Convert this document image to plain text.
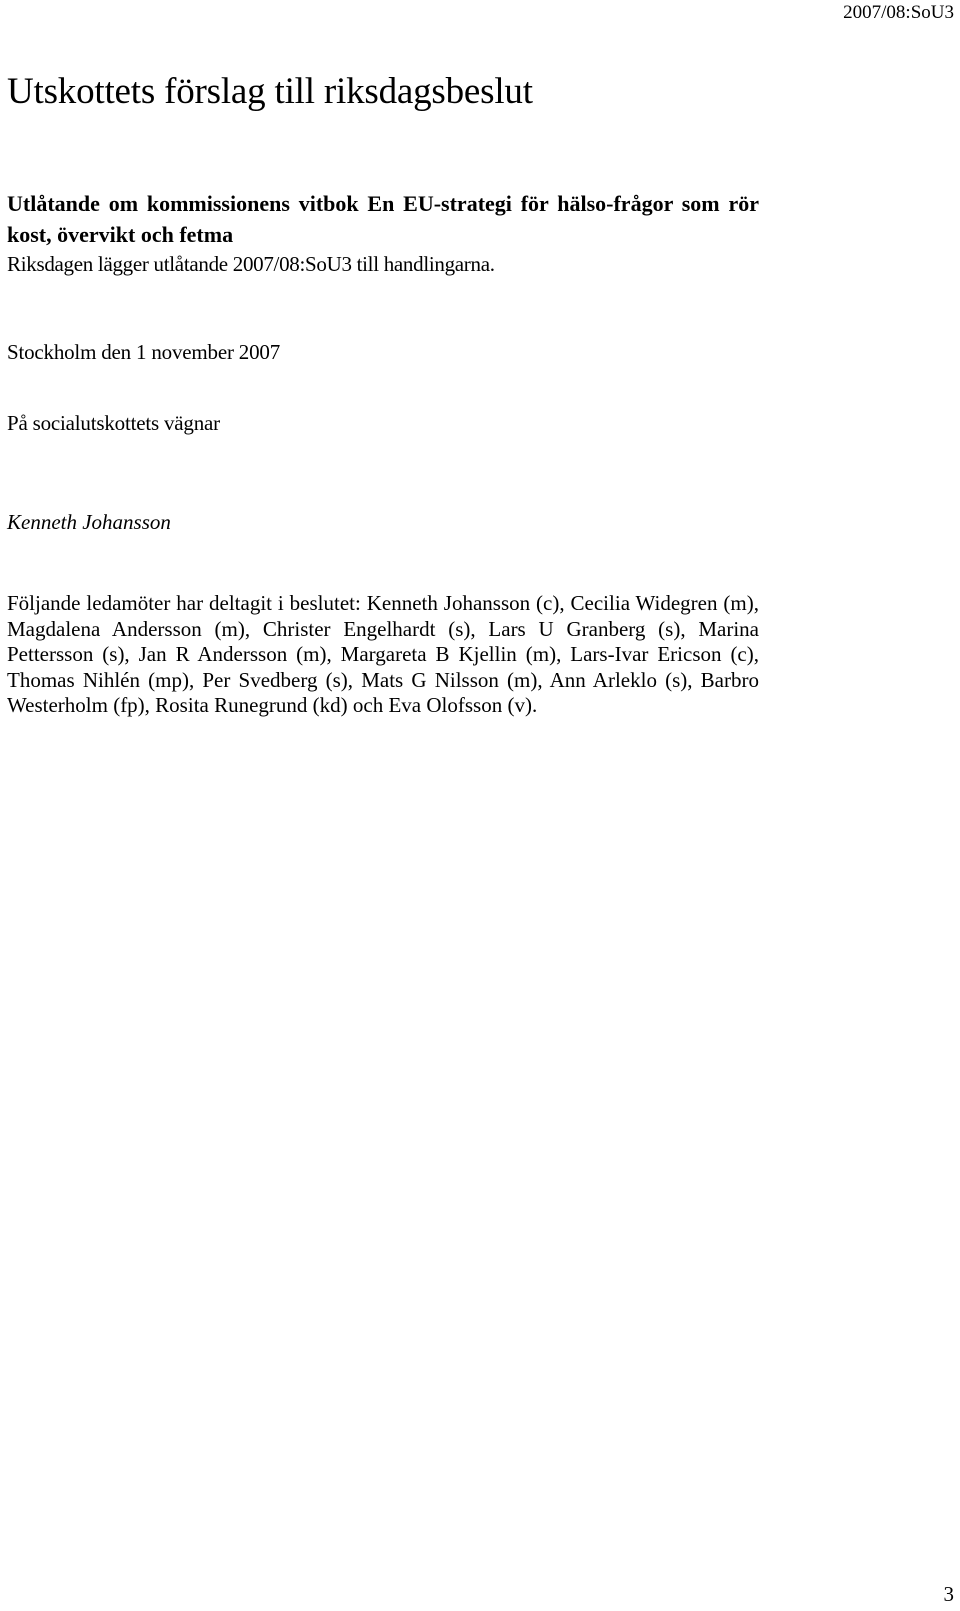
2007/08:SoU3
Utskottets förslag till riksdagsbeslut
Utlåtande om kommissionens vitbok En EU-strategi för hälso-frågor som rör kost, övervikt och fetma

Riksdagen lägger utlåtande 2007/08:SoU3 till handlingarna.

Stockholm den 1 november 2007

På socialutskottets vägnar

Kenneth Johansson

Följande ledamöter har deltagit i beslutet: Kenneth Johansson (c), Cecilia Widegren (m), Magdalena Andersson (m), Christer Engelhardt (s), Lars U Granberg (s), Marina Pettersson (s), Jan R Andersson (m), Margareta B Kjellin (m), Lars-Ivar Ericson (c), Thomas Nihlén (mp), Per Svedberg (s), Mats G Nilsson (m), Ann Arleklo (s), Barbro Westerholm (fp), Rosita Runegrund (kd) och Eva Olofsson (v).

3
